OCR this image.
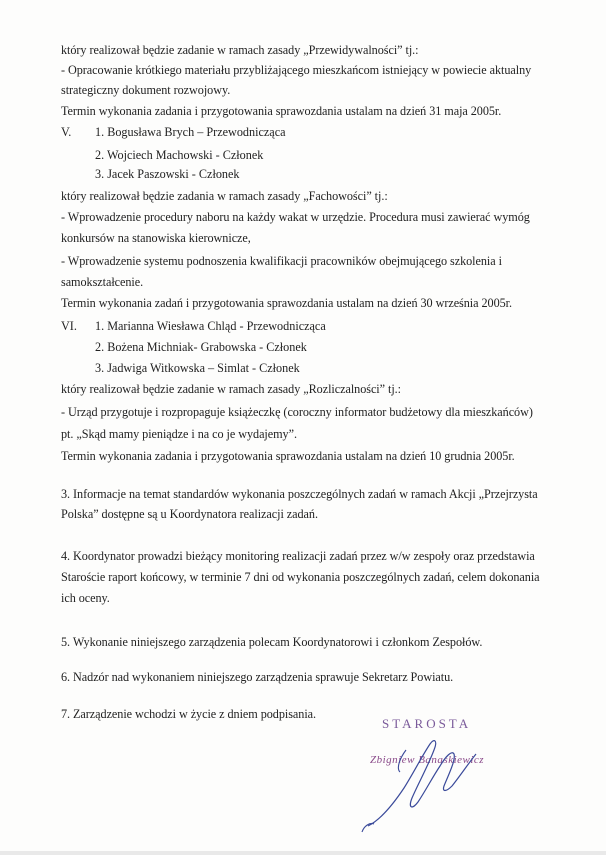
który realizował będzie zadanie w ramach zasady „Przewidywalności” tj.:
- Opracowanie krótkiego materiału przybliżającego mieszkańcom istniejący w powiecie aktualny
strategiczny dokument rozwojowy.
Termin wykonania zadania i przygotowania sprawozdania ustalam na dzień 31 maja 2005r.
V. 1. Bogusława Brych – Przewodnicząca
2. Wojciech Machowski - Członek
3. Jacek Paszowski - Członek
który realizował będzie zadania w ramach zasady „Fachowości” tj.:
- Wprowadzenie procedury naboru na każdy wakat w urzędzie. Procedura musi zawierać wymóg
konkursów na stanowiska kierownicze,
- Wprowadzenie systemu podnoszenia kwalifikacji pracowników obejmującego szkolenia i
samokształcenie.
Termin wykonania zadań i przygotowania sprawozdania ustalam na dzień 30 września 2005r.
VI. 1. Marianna Wiesława Chląd - Przewodnicząca
2. Bożena Michniak- Grabowska - Członek
3. Jadwiga Witkowska – Simlat - Członek
który realizował będzie zadanie w ramach zasady „Rozliczalności” tj.:
- Urząd przygotuje i rozpropaguje książeczkę (coroczny informator budżetowy dla mieszkańców)
pt. „Skąd mamy pieniądze i na co je wydajemy”.
Termin wykonania zadania i przygotowania sprawozdania ustalam na dzień 10 grudnia 2005r.
3. Informacje na temat standardów wykonania poszczególnych zadań w ramach Akcji „Przejrzysta
Polska” dostępne są u Koordynatora realizacji zadań.
4. Koordynator prowadzi bieżący monitoring realizacji zadań przez w/w zespoły oraz przedstawia
Staroście raport końcowy, w terminie 7 dni od wykonania poszczególnych zadań, celem dokonania
ich oceny.
5. Wykonanie niniejszego zarządzenia polecam Koordynatorowi i członkom Zespołów.
6. Nadzór nad wykonaniem niniejszego zarządzenia sprawuje Sekretarz Powiatu.
7. Zarządzenie wchodzi w życie z dniem podpisania.
STAROSTA
Zbigniew Banaśkiewicz
